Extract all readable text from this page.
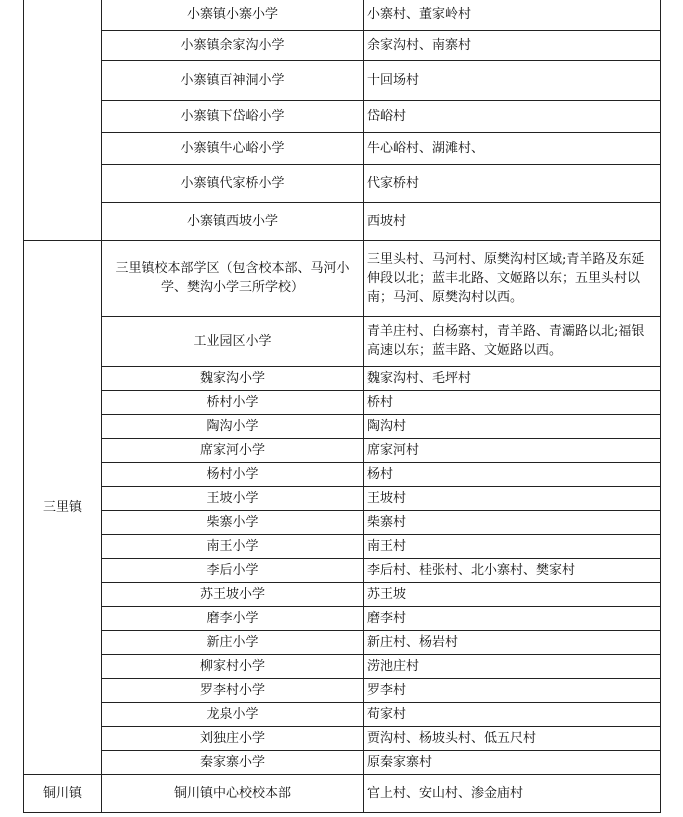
	小寨镇小寨小学	小寨村、董家岭村
	小寨镇余家沟小学	余家沟村、南寨村
	小寨镇百神洞小学	十回场村
	小寨镇下岱峪小学	岱峪村
	小寨镇牛心峪小学	牛心峪村、湖滩村、
	小寨镇代家桥小学	代家桥村
	小寨镇西坡小学	西坡村
三里镇	三里镇校本部学区（包含校本部、马河小学、樊沟小学三所学校）	三里头村、马河村、原樊沟村区域;青羊路及东延伸段以北；蓝丰北路、文姬路以东；五里头村以南；马河、原樊沟村以西。
	工业园区小学	青羊庄村、白杨寨村，青羊路、青灞路以北;福银高速以东；蓝丰路、文姬路以西。
	魏家沟小学	魏家沟村、毛坪村
	桥村小学	桥村
	陶沟小学	陶沟村
	席家河小学	席家河村
	杨村小学	杨村
	王坡小学	王坡村
	柴寨小学	柴寨村
	南王小学	南王村
	李后小学	李后村、桂张村、北小寨村、樊家村
	苏王坡小学	苏王坡
	磨李小学	磨李村
	新庄小学	新庄村、杨岩村
	柳家村小学	涝池庄村
	罗李村小学	罗李村
	龙泉小学	荀家村
	刘独庄小学	贾沟村、杨坡头村、低五尺村
	秦家寨小学	原秦家寨村
铜川镇	铜川镇中心校校本部	官上村、安山村、渗金庙村
